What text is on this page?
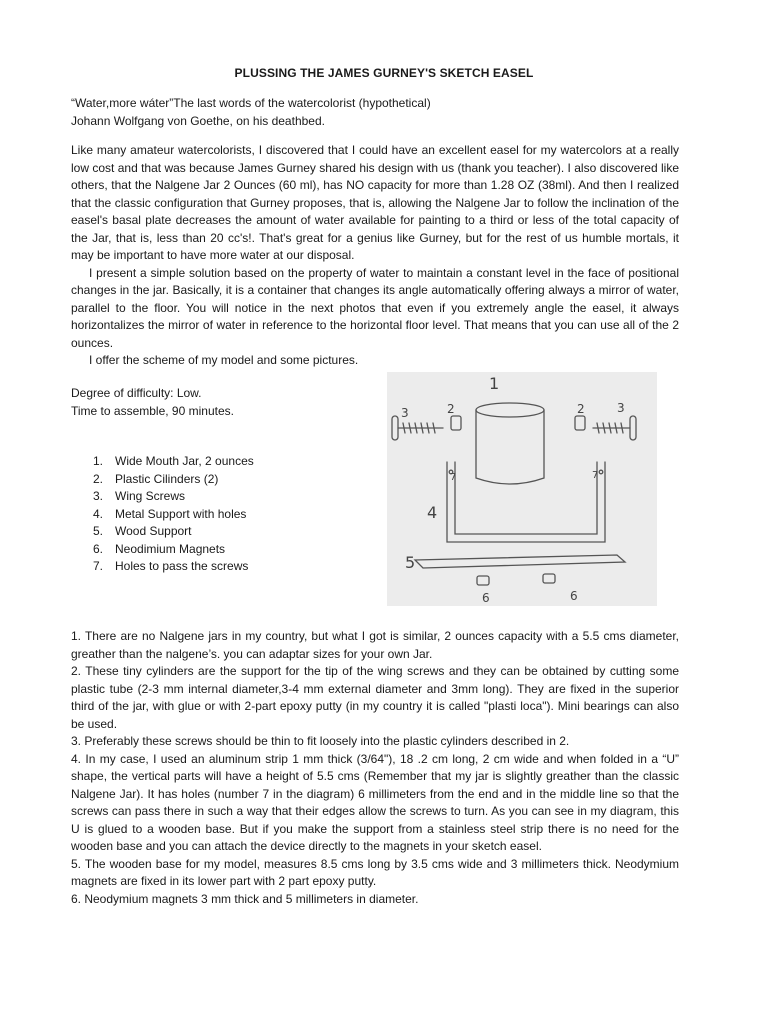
PLUSSING THE JAMES GURNEY'S SKETCH EASEL
“Water,more wáter”The last words of the watercolorist (hypothetical)
Johann Wolfgang von Goethe, on his deathbed.

Like many amateur watercolorists, I discovered that I could have an excellent easel for my watercolors at a really low cost and that was because James Gurney shared his design with us (thank you teacher). I also discovered like others, that the Nalgene Jar 2 Ounces (60 ml), has NO capacity for more than 1.28 OZ (38ml). And then I realized that the classic configuration that Gurney proposes, that is, allowing the Nalgene Jar to follow the inclination of the easel's basal plate decreases the amount of water available for painting to a third or less of the total capacity of the Jar, that is, less than 20 cc's!. That's great for a genius like Gurney, but for the rest of us humble mortals, it may be important to have more water at our disposal.

I present a simple solution based on the property of water to maintain a constant level in the face of positional changes in the jar. Basically, it is a container that changes its angle automatically offering always a mirror of water, parallel to the floor. You will notice in the next photos that even if you extremely angle the easel, it always horizontalizes the mirror of water in reference to the horizontal floor level. That means that you can use all of the 2 ounces.

I offer the scheme of my model and some pictures.

Degree of difficulty: Low.
Time to assemble, 90 minutes.
1. Wide Mouth Jar, 2 ounces
2. Plastic Cilinders (2)
3. Wing Screws
4. Metal Support with holes
5. Wood Support
6. Neodimium Magnets
7. Holes to pass the screws
1
2	2
3	3
4
5
6	6
7	7

1. There are no Nalgene jars in my country, but what I got is similar, 2 ounces capacity with a 5.5 cms diameter, greather than the nalgene’s. you can adaptar sizes for your own Jar.

2. These tiny cylinders are the support for the tip of the wing screws and they can be obtained by cutting some plastic tube (2-3 mm internal diameter,3-4 mm external diameter and 3mm long). They are fixed in the superior third of the jar, with glue or with 2-part epoxy putty (in my country it is called "plasti loca"). Mini bearings can also be used.

3. Preferably these screws should be thin to fit loosely into the plastic cylinders described in 2.

4. In my case, I used an aluminum strip 1 mm thick (3/64"), 18 .2 cm long, 2 cm wide and when folded in a “U” shape, the vertical parts will have a height of 5.5 cms (Remember that my jar is slightly greather than the classic Nalgene Jar). It has holes (number 7 in the diagram) 6 millimeters from the end and in the middle line so that the screws can pass there in such a way that their edges allow the screws to turn. As you can see in my diagram, this U is glued to a wooden base. But if you make the support from a stainless steel strip there is no need for the wooden base and you can attach the device directly to the magnets in your sketch easel.

5. The wooden base for my model, measures 8.5 cms long by 3.5 cms wide and 3 millimeters thick. Neodymium magnets are fixed in its lower part with 2 part epoxy putty.

6. Neodymium magnets 3 mm thick and 5 millimeters in diameter.
